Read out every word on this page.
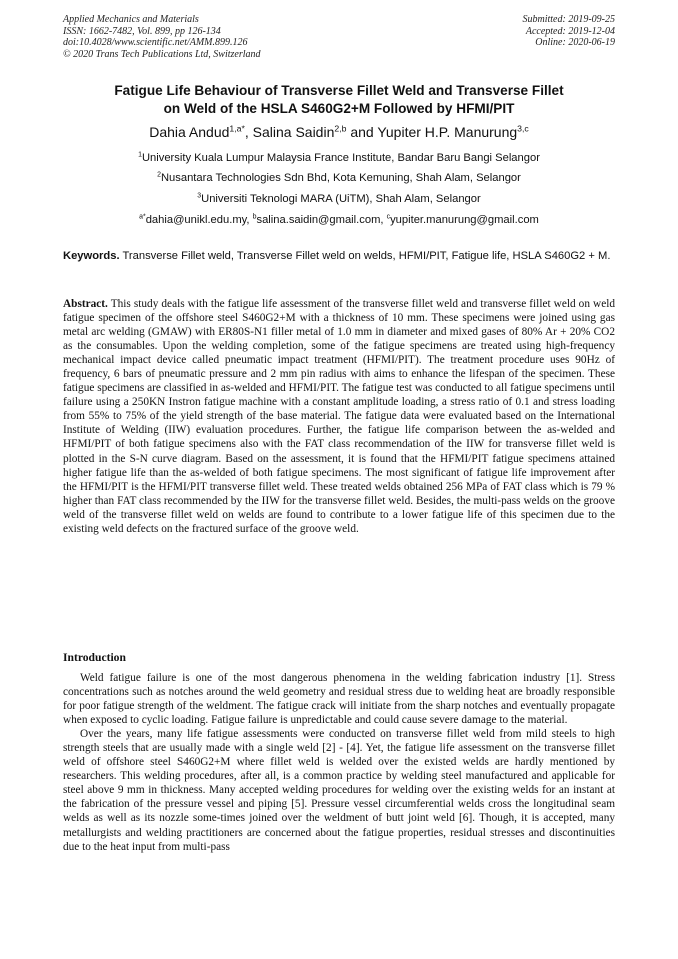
Applied Mechanics and Materials
ISSN: 1662-7482, Vol. 899, pp 126-134
doi:10.4028/www.scientific.net/AMM.899.126
© 2020 Trans Tech Publications Ltd, Switzerland
Submitted: 2019-09-25
Accepted: 2019-12-04
Online: 2020-06-19
Fatigue Life Behaviour of Transverse Fillet Weld and Transverse Fillet
on Weld of the HSLA S460G2+M Followed by HFMI/PIT
Dahia Andud$^{1,a*}$, Salina Saidin$^{2,b}$ and Yupiter H.P. Manurung$^{3,c}$
$^1$University Kuala Lumpur Malaysia France Institute, Bandar Baru Bangi Selangor
$^2$Nusantara Technologies Sdn Bhd, Kota Kemuning, Shah Alam, Selangor
$^3$Universiti Teknologi MARA (UiTM), Shah Alam, Selangor
$^{a*}$dahia@unikl.edu.my, $^b$salina.saidin@gmail.com, $^c$yupiter.manurung@gmail.com
Keywords. Transverse Fillet weld, Transverse Fillet weld on welds, HFMI/PIT, Fatigue life, HSLA S460G2 + M.
Abstract. This study deals with the fatigue life assessment of the transverse fillet weld and transverse fillet weld on weld fatigue specimen of the offshore steel S460G2+M with a thickness of 10 mm. These specimens were joined using gas metal arc welding (GMAW) with ER80S-N1 filler metal of 1.0 mm in diameter and mixed gases of 80% Ar + 20% CO2 as the consumables. Upon the welding completion, some of the fatigue specimens are treated using high-frequency mechanical impact device called pneumatic impact treatment (HFMI/PIT). The treatment procedure uses 90Hz of frequency, 6 bars of pneumatic pressure and 2 mm pin radius with aims to enhance the lifespan of the specimen. These fatigue specimens are classified in as-welded and HFMI/PIT. The fatigue test was conducted to all fatigue specimens until failure using a 250KN Instron fatigue machine with a constant amplitude loading, a stress ratio of 0.1 and stress loading from 55% to 75% of the yield strength of the base material. The fatigue data were evaluated based on the International Institute of Welding (IIW) evaluation procedures. Further, the fatigue life comparison between the as-welded and HFMI/PIT of both fatigue specimens also with the FAT class recommendation of the IIW for transverse fillet weld is plotted in the S-N curve diagram. Based on the assessment, it is found that the HFMI/PIT fatigue specimens attained higher fatigue life than the as-welded of both fatigue specimens. The most significant of fatigue life improvement after the HFMI/PIT is the HFMI/PIT transverse fillet weld. These treated welds obtained 256 MPa of FAT class which is 79 % higher than FAT class recommended by the IIW for the transverse fillet weld. Besides, the multi-pass welds on the groove weld of the transverse fillet weld on welds are found to contribute to a lower fatigue life of this specimen due to the existing weld defects on the fractured surface of the groove weld.
Introduction

Weld fatigue failure is one of the most dangerous phenomena in the welding fabrication industry [1]. Stress concentrations such as notches around the weld geometry and residual stress due to welding heat are broadly responsible for poor fatigue strength of the weldment. The fatigue crack will initiate from the sharp notches and eventually propagate when exposed to cyclic loading. Fatigue failure is unpredictable and could cause severe damage to the material.

Over the years, many life fatigue assessments were conducted on transverse fillet weld from mild steels to high strength steels that are usually made with a single weld [2] - [4]. Yet, the fatigue life assessment on the transverse fillet weld of offshore steel S460G2+M where fillet weld is welded over the existed welds are hardly mentioned by researchers. This welding procedures, after all, is a common practice by welding steel manufactured and applicable for steel above 9 mm in thickness. Many accepted welding procedures for welding over the existing welds for an instant at the fabrication of the pressure vessel and piping [5]. Pressure vessel circumferential welds cross the longitudinal seam welds as well as its nozzle some-times joined over the weldment of butt joint weld [6]. Though, it is accepted, many metallurgists and welding practitioners are concerned about the fatigue properties, residual stresses and discontinuities due to the heat input from multi-pass
